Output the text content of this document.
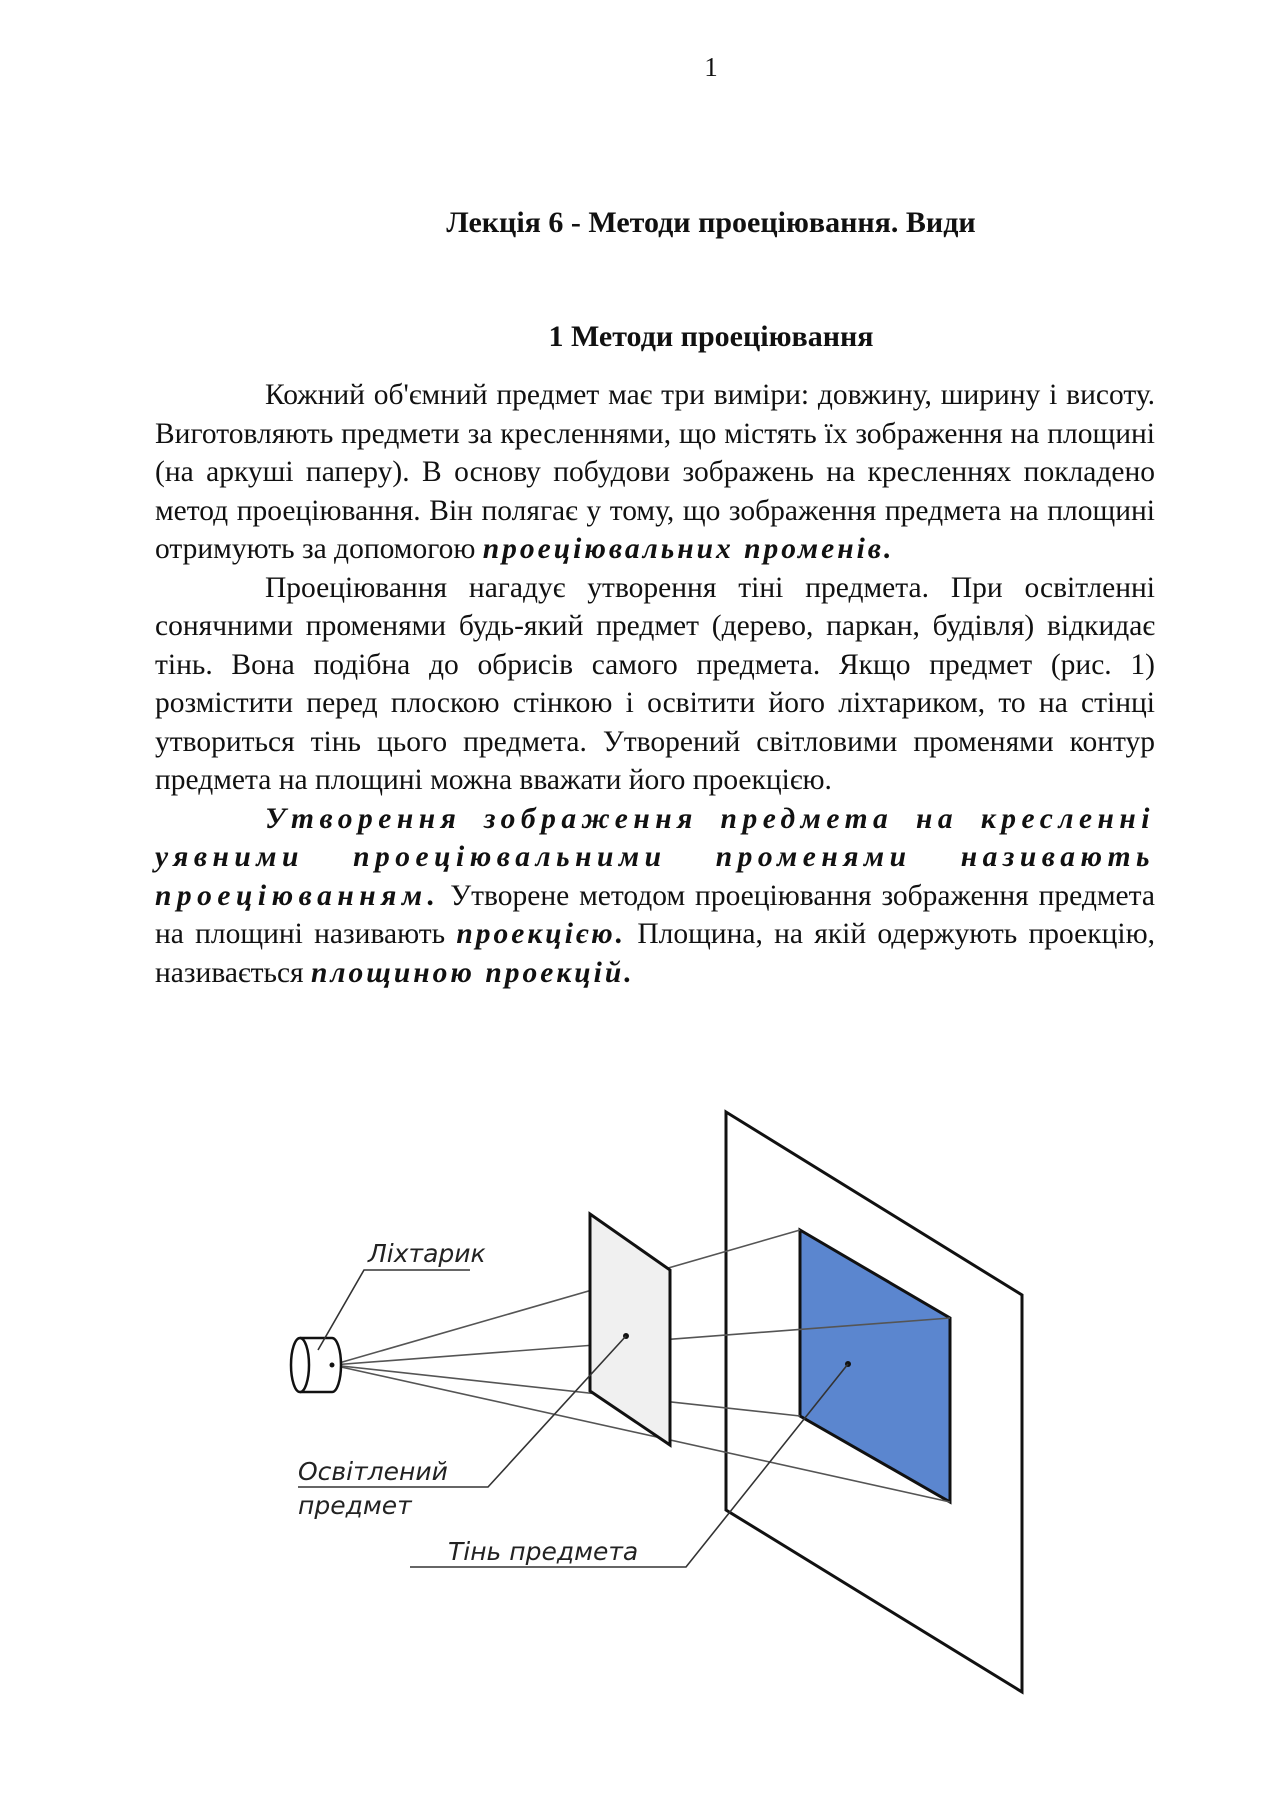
1
Лекція 6 - Методи проеціювання. Види
1 Методи проеціювання

Кожний об'ємний предмет має три виміри: довжину, ширину і висоту. Виготовляють предмети за кресленнями, що містять їх зображення на площині (на аркуші паперу). В основу побудови зображень на кресленнях покладено метод проеціювання. Він полягає у тому, що зображення предмета на площині отримують за допомогою проеціювальних променів.

Проеціювання нагадує утворення тіні предмета. При освітленні сонячними променями будь-який предмет (дерево, паркан, будівля) відкидає тінь. Вона подібна до обрисів самого предмета. Якщо предмет (рис. 1) розмістити перед плоскою стінкою і освітити його ліхтариком, то на стінці утвориться тінь цього предмета. Утворений світловими променями контур предмета на площині можна вважати його проекцією.

Утворення зображення предмета на кресленні уявними проеціювальними променями називають проеціюванням. Утворене методом проеціювання зображення предмета на площині називають проекцією. Площина, на якій одержують проекцію, називається площиною проекцій.

Ліхтарик
Освітлений
предмет
Тінь предмета
